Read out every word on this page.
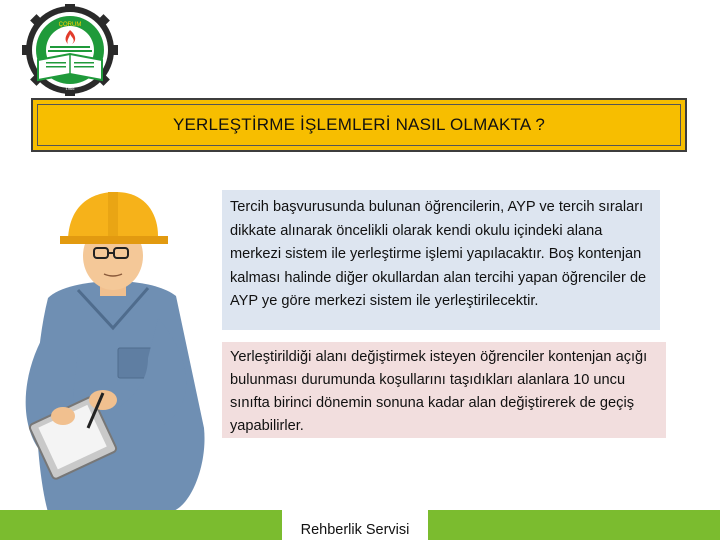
ÇORUM
1966
YERLEŞTİRME İŞLEMLERİ NASIL OLMAKTA ?
Tercih başvurusunda bulunan öğrencilerin, AYP ve tercih sıraları dikkate alınarak öncelikli olarak kendi okulu içindeki alana merkezi sistem ile yerleştirme işlemi yapılacaktır. Boş kontenjan kalması halinde diğer okullardan alan tercihi yapan öğrenciler de AYP ye göre merkezi sistem ile yerleştirilecektir.
Yerleştirildiği alanı değiştirmek isteyen öğrenciler kontenjan açığı bulunması durumunda koşullarını taşıdıkları alanlara 10 uncu sınıfta birinci dönemin sonuna kadar alan değiştirerek de geçiş yapabilirler.
Rehberlik Servisi
